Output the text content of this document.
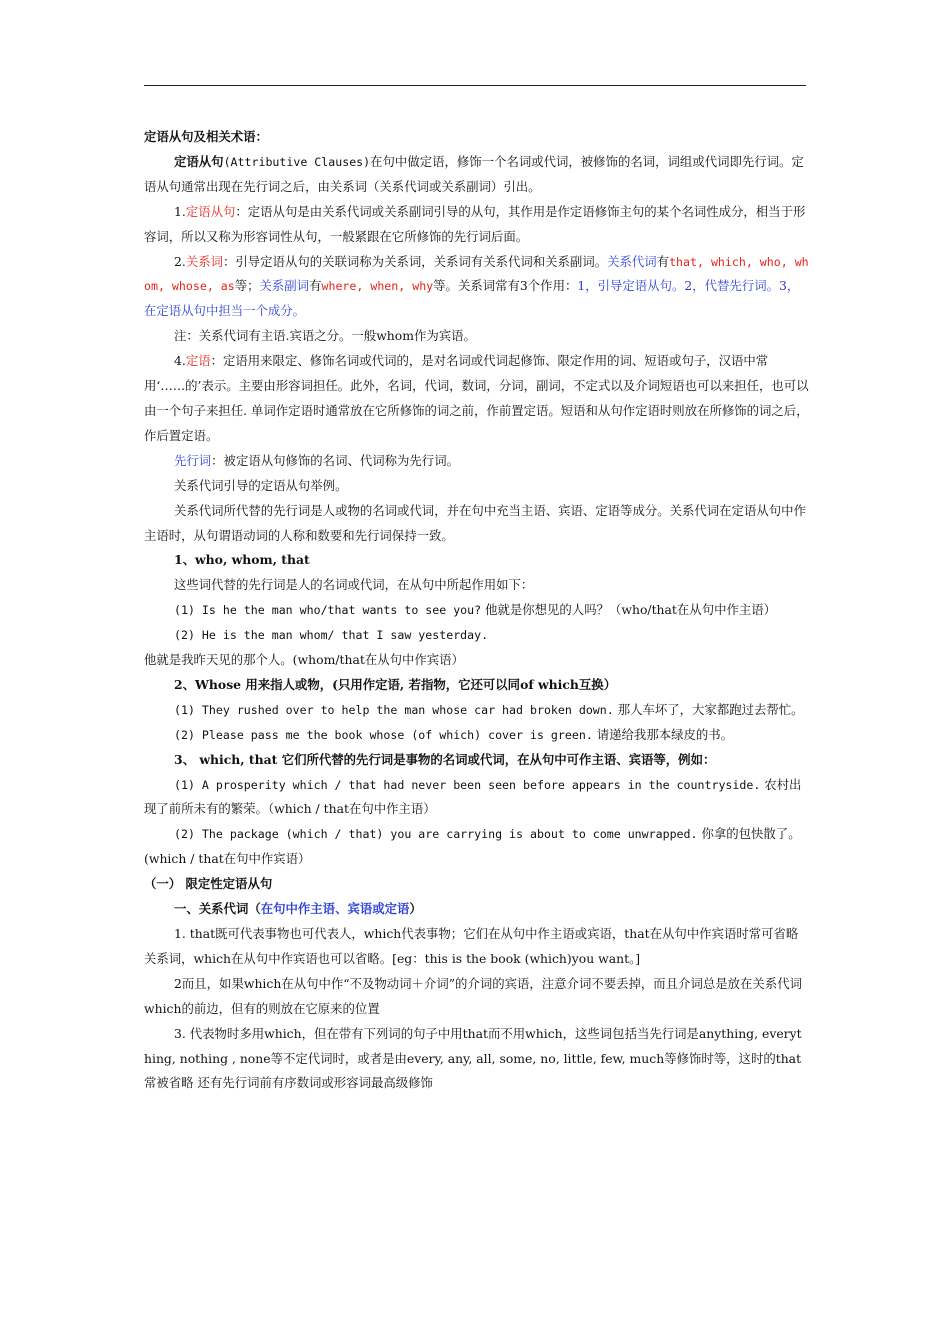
定语从句及相关术语：

定语从句(Attributive Clauses)在句中做定语，修饰一个名词或代词，被修饰的名词，词组或代词即先行词。定语从句通常出现在先行词之后，由关系词（关系代词或关系副词）引出。

1.定语从句：定语从句是由关系代词或关系副词引导的从句，其作用是作定语修饰主句的某个名词性成分，相当于形容词，所以又称为形容词性从句，一般紧跟在它所修饰的先行词后面。

2.关系词：引导定语从句的关联词称为关系词，关系词有关系代词和关系副词。关系代词有that, which, who, whom, whose, as等；关系副词有where, when, why等。关系词常有3个作用：1，引导定语从句。2，代替先行词。3，在定语从句中担当一个成分。

注：关系代词有主语.宾语之分。一般whom作为宾语。

4.定语：定语用来限定、修饰名词或代词的，是对名词或代词起修饰、限定作用的词、短语或句子，汉语中常用‘……的’表示。主要由形容词担任。此外，名词，代词，数词，分词，副词，不定式以及介词短语也可以来担任，也可以由一个句子来担任. 单词作定语时通常放在它所修饰的词之前，作前置定语。短语和从句作定语时则放在所修饰的词之后，作后置定语。

先行词：被定语从句修饰的名词、代词称为先行词。

关系代词引导的定语从句举例。

关系代词所代替的先行词是人或物的名词或代词，并在句中充当主语、宾语、定语等成分。关系代词在定语从句中作主语时，从句谓语动词的人称和数要和先行词保持一致。

1、who, whom, that

这些词代替的先行词是人的名词或代词，在从句中所起作用如下：

(1) Is he the man who/that wants to see you? 他就是你想见的人吗？（who/that在从句中作主语）

(2) He is the man whom/ that I saw yesterday. 他就是我昨天见的那个人。(whom/that在从句中作宾语）

2、Whose 用来指人或物，(只用作定语, 若指物，它还可以同of which互换）

(1) They rushed over to help the man whose car had broken down. 那人车坏了，大家都跑过去帮忙。

(2) Please pass me the book whose (of which) cover is green. 请递给我那本绿皮的书。

3、 which, that 它们所代替的先行词是事物的名词或代词，在从句中可作主语、宾语等，例如：

(1) A prosperity which / that had never been seen before appears in the countryside. 农村出现了前所未有的繁荣。（which / that在句中作主语）

(2) The package (which / that) you are carrying is about to come unwrapped. 你拿的包快散了。(which / that在句中作宾语）

（一） 限定性定语从句

一、关系代词（在句中作主语、宾语或定语）

1. that既可代表事物也可代表人，which代表事物；它们在从句中作主语或宾语，that在从句中作宾语时常可省略关系词，which在从句中作宾语也可以省略。[eg：this is the book (which)you want。]

2而且，如果which在从句中作“不及物动词＋介词”的介词的宾语，注意介词不要丢掉，而且介词总是放在关系代词which的前边，但有的则放在它原来的位置

3. 代表物时多用which，但在带有下列词的句子中用that而不用which，这些词包括当先行词是anything, everything, nothing , none等不定代词时，或者是由every, any, all, some, no, little, few, much等修饰时等，这时的that常被省略 还有先行词前有序数词或形容词最高级修饰
